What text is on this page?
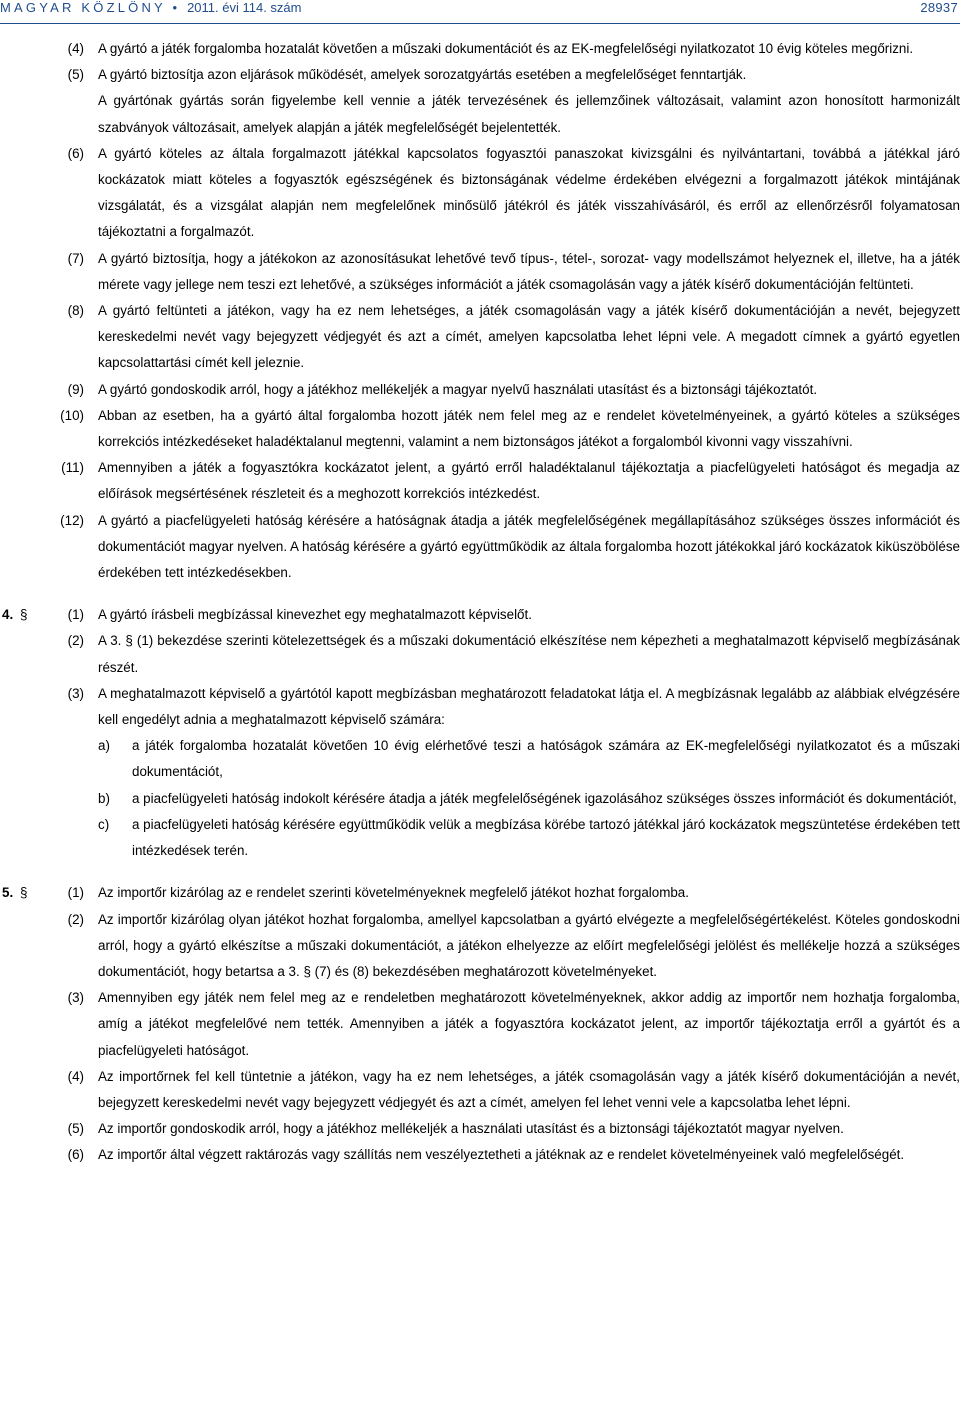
MAGYAR KÖZLÖNY • 2011. évi 114. szám	28937
(4) A gyártó a játék forgalomba hozatalát követően a műszaki dokumentációt és az EK-megfelelőségi nyilatkozatot 10 évig köteles megőrizni.
(5) A gyártó biztosítja azon eljárások működését, amelyek sorozatgyártás esetében a megfelelőséget fenntartják.
A gyártónak gyártás során figyelembe kell vennie a játék tervezésének és jellemzőinek változásait, valamint azon honosított harmonizált szabványok változásait, amelyek alapján a játék megfelelőségét bejelentették.
(6) A gyártó köteles az általa forgalmazott játékkal kapcsolatos fogyasztói panaszokat kivizsgálni és nyilvántartani, továbbá a játékkal járó kockázatok miatt köteles a fogyasztók egészségének és biztonságának védelme érdekében elvégezni a forgalmazott játékok mintájának vizsgálatát, és a vizsgálat alapján nem megfelelőnek minősülő játékról és játék visszahívásáról, és erről az ellenőrzésről folyamatosan tájékoztatni a forgalmazót.
(7) A gyártó biztosítja, hogy a játékokon az azonosításukat lehetővé tevő típus-, tétel-, sorozat- vagy modellszámot helyeznek el, illetve, ha a játék mérete vagy jellege nem teszi ezt lehetővé, a szükséges információt a játék csomagolásán vagy a játék kísérő dokumentációján feltünteti.
(8) A gyártó feltünteti a játékon, vagy ha ez nem lehetséges, a játék csomagolásán vagy a játék kísérő dokumentációján a nevét, bejegyzett kereskedelmi nevét vagy bejegyzett védjegyét és azt a címét, amelyen kapcsolatba lehet lépni vele. A megadott címnek a gyártó egyetlen kapcsolattartási címét kell jeleznie.
(9) A gyártó gondoskodik arról, hogy a játékhoz mellékeljék a magyar nyelvű használati utasítást és a biztonsági tájékoztatót.
(10) Abban az esetben, ha a gyártó által forgalomba hozott játék nem felel meg az e rendelet követelményeinek, a gyártó köteles a szükséges korrekciós intézkedéseket haladéktalanul megtenni, valamint a nem biztonságos játékot a forgalomból kivonni vagy visszahívni.
(11) Amennyiben a játék a fogyasztókra kockázatot jelent, a gyártó erről haladéktalanul tájékoztatja a piacfelügyeleti hatóságot és megadja az előírások megsértésének részleteit és a meghozott korrekciós intézkedést.
(12) A gyártó a piacfelügyeleti hatóság kérésére a hatóságnak átadja a játék megfelelőségének megállapításához szükséges összes információt és dokumentációt magyar nyelven. A hatóság kérésére a gyártó együttműködik az általa forgalomba hozott játékokkal járó kockázatok kiküszöbölése érdekében tett intézkedésekben.
4. §	(1) A gyártó írásbeli megbízással kinevezhet egy meghatalmazott képviselőt.
(2) A 3. § (1) bekezdése szerinti kötelezettségek és a műszaki dokumentáció elkészítése nem képezheti a meghatalmazott képviselő megbízásának részét.
(3) A meghatalmazott képviselő a gyártótól kapott megbízásban meghatározott feladatokat látja el. A megbízásnak legalább az alábbiak elvégzésére kell engedélyt adnia a meghatalmazott képviselő számára:
a) a játék forgalomba hozatalát követően 10 évig elérhetővé teszi a hatóságok számára az EK-megfelelőségi nyilatkozatot és a műszaki dokumentációt,
b) a piacfelügyeleti hatóság indokolt kérésére átadja a játék megfelelőségének igazolásához szükséges összes információt és dokumentációt,
c) a piacfelügyeleti hatóság kérésére együttműködik velük a megbízása körébe tartozó játékkal járó kockázatok megszüntetése érdekében tett intézkedések terén.
5. §	(1) Az importőr kizárólag az e rendelet szerinti követelményeknek megfelelő játékot hozhat forgalomba.
(2) Az importőr kizárólag olyan játékot hozhat forgalomba, amellyel kapcsolatban a gyártó elvégezte a megfelelőségértékelést. Köteles gondoskodni arról, hogy a gyártó elkészítse a műszaki dokumentációt, a játékon elhelyezze az előírt megfelelőségi jelölést és mellékelje hozzá a szükséges dokumentációt, hogy betartsa a 3. § (7) és (8) bekezdésében meghatározott követelményeket.
(3) Amennyiben egy játék nem felel meg az e rendeletben meghatározott követelményeknek, akkor addig az importőr nem hozhatja forgalomba, amíg a játékot megfelelővé nem tették. Amennyiben a játék a fogyasztóra kockázatot jelent, az importőr tájékoztatja erről a gyártót és a piacfelügyeleti hatóságot.
(4) Az importőrnek fel kell tüntetnie a játékon, vagy ha ez nem lehetséges, a játék csomagolásán vagy a játék kísérő dokumentációján a nevét, bejegyzett kereskedelmi nevét vagy bejegyzett védjegyét és azt a címét, amelyen fel lehet venni vele a kapcsolatba lehet lépni.
(5) Az importőr gondoskodik arról, hogy a játékhoz mellékeljék a használati utasítást és a biztonsági tájékoztatót magyar nyelven.
(6) Az importőr által végzett raktározás vagy szállítás nem veszélyeztetheti a játéknak az e rendelet követelményeinek való megfelelőségét.
